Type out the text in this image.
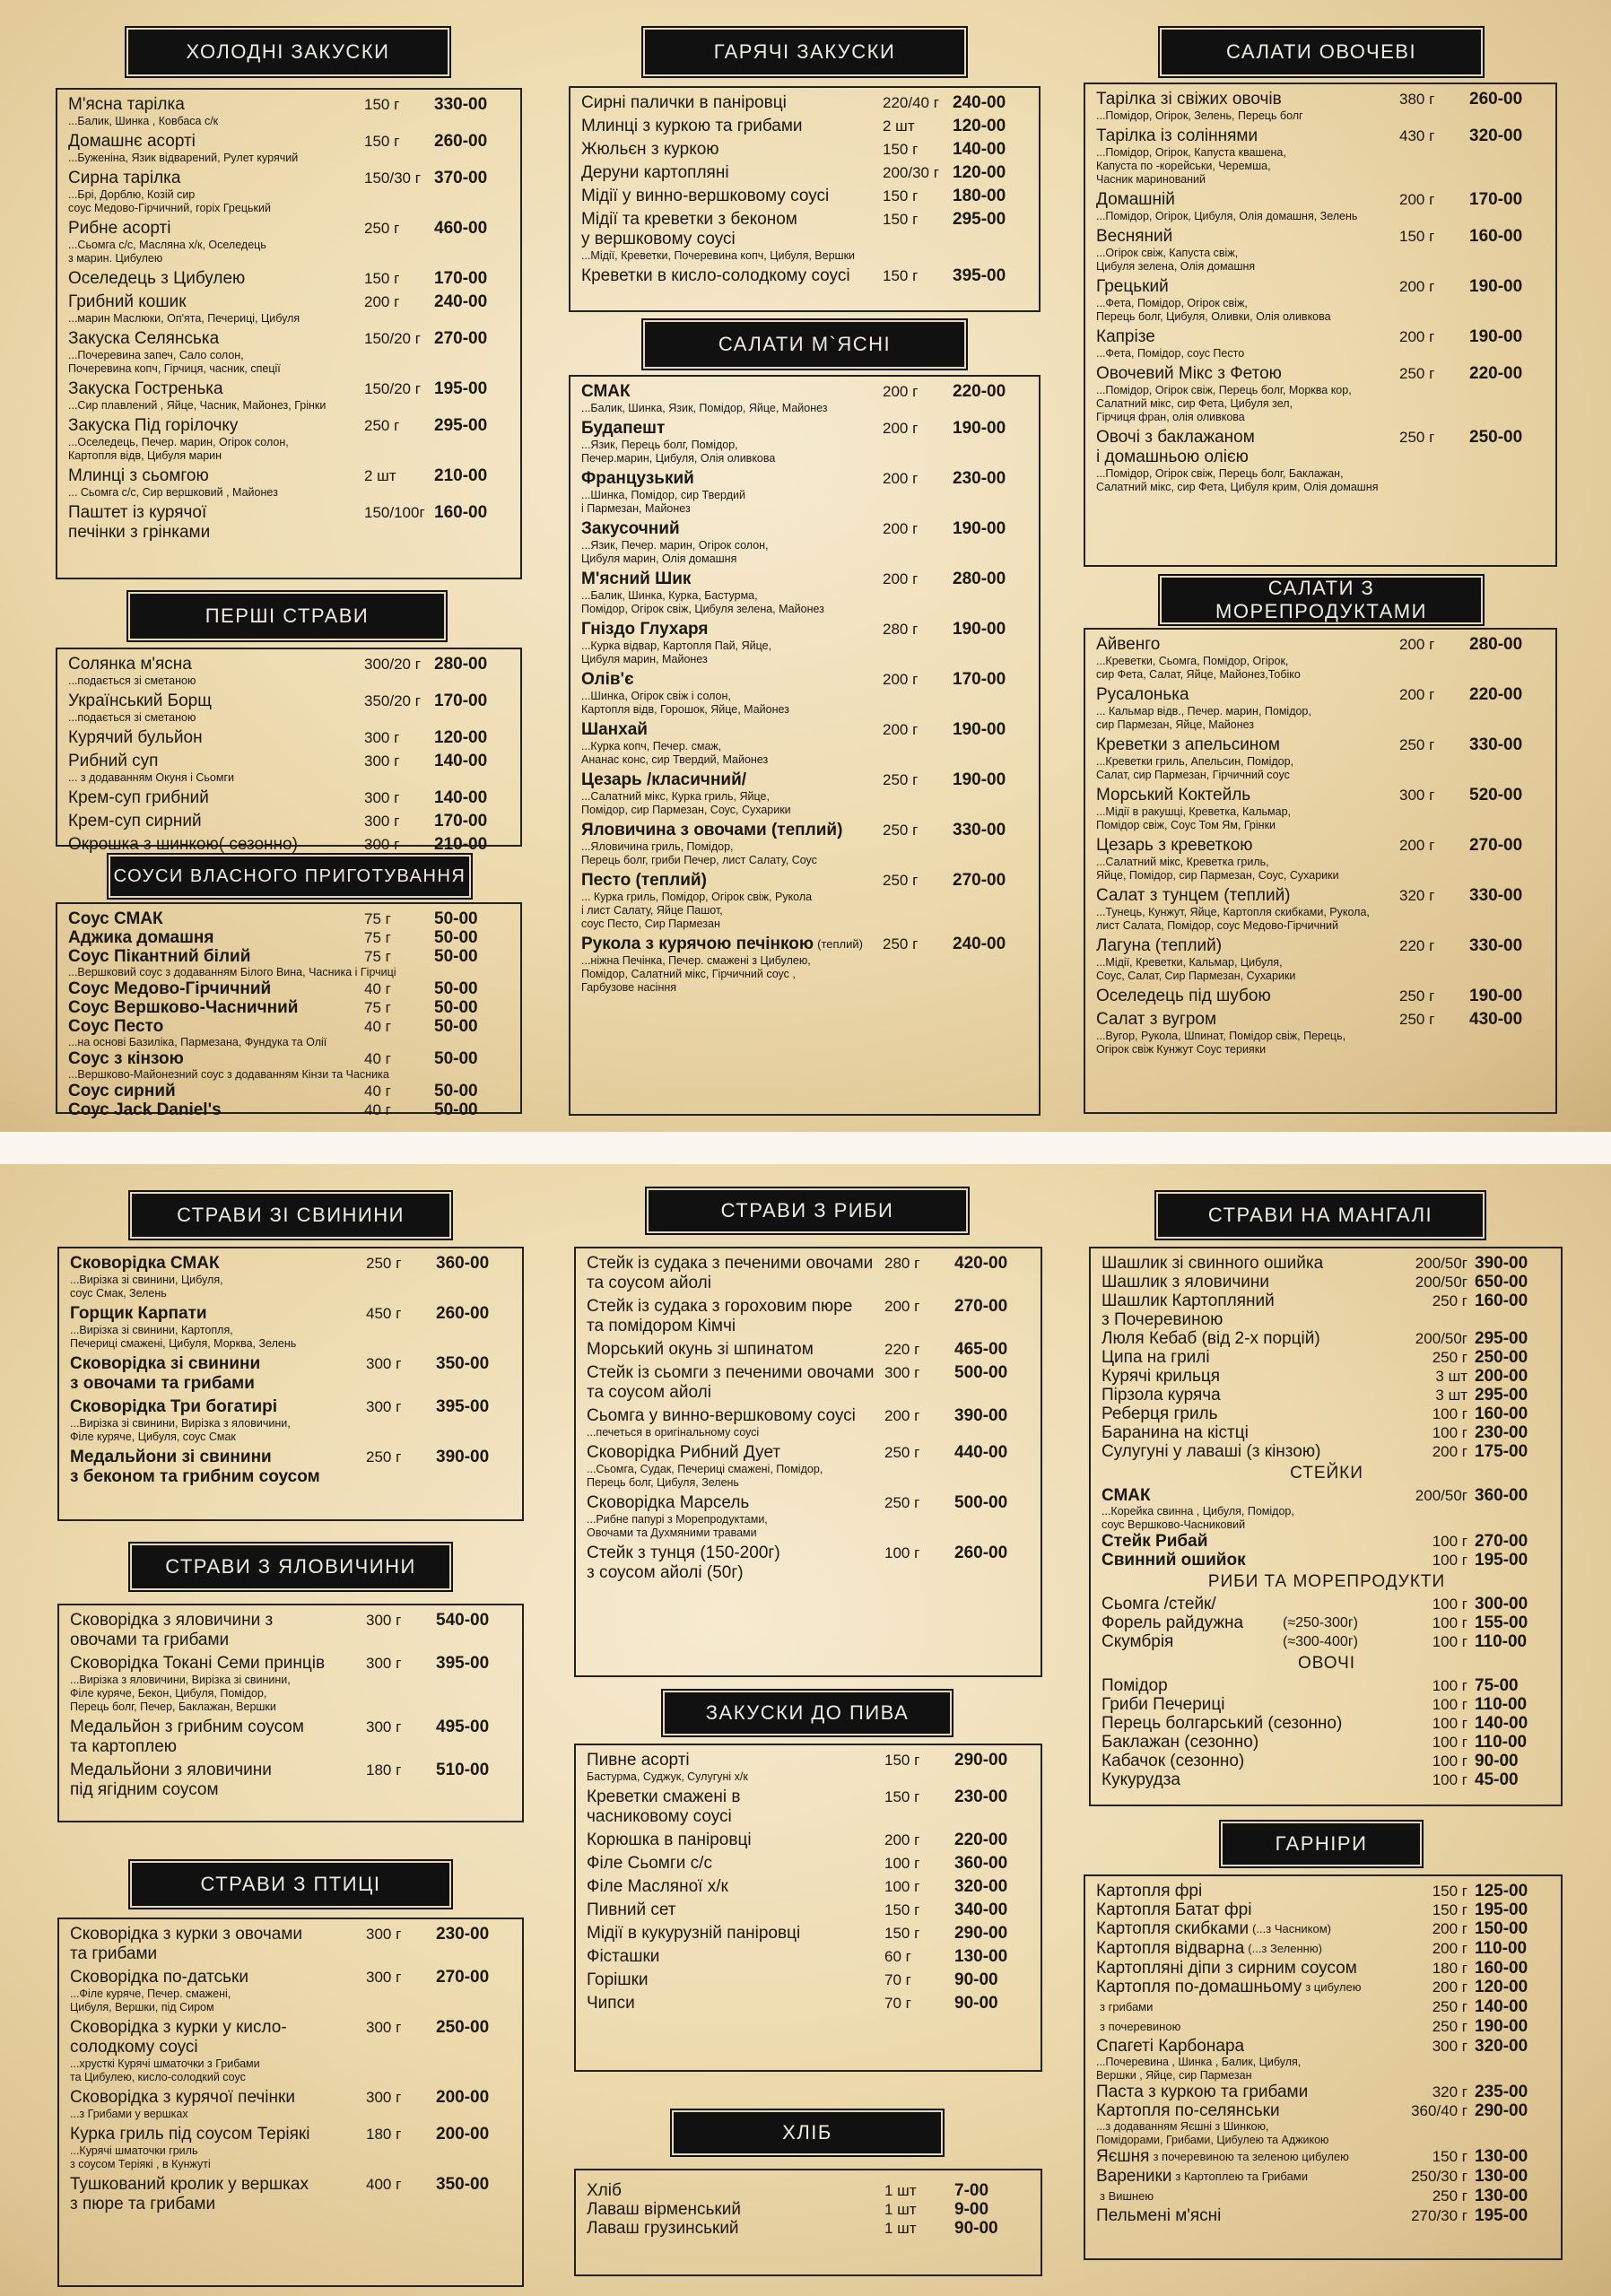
ХОЛОДНІ ЗАКУСКИ
М'ясна тарілка	150 г	330-00
...Балик, Шинка , Ковбаса с/к
Домашнє асорті	150 г	260-00
...Буженіна, Язик відварений, Рулет курячий
Сирна тарілка	150/30 г 370-00
...Брі, Дорблю, Козій сир
соус Медово-Гірчичний, горіх Грецький
Рибне асорті	250 г	460-00
...Сьомга с/с, Масляна х/к, Оселедець
з марин. Цибулею
Оселедець з Цибулею	150 г	170-00
Грибний кошик	200 г	240-00
...марин Маслюки, Оп'ята, Печериці, Цибуля
Закуска Селянська	150/20 г 270-00
...Почеревина запеч, Сало солон,
Почеревина копч, Гірчиця, часник, спеції
Закуска Гостренька	150/20 г 195-00
...Сир плавлений , Яйце, Часник, Майонез, Грінки
Закуска Під горілочку	250 г	295-00
...Оселедець, Печер. марин, Огірок солон,
Картопля відв, Цибуля марин
Млинці з сьомгою	2 шт	210-00
... Сьомга с/с, Сир вершковий , Майонез
Паштет із курячої
печінки з грінками
150/100г 160-00
ПЕРШІ СТРАВИ
Солянка м'ясна	300/20 г 280-00
...подається зі сметаною
Український Борщ	350/20 г 170-00
...подається зі сметаною
Курячий бульйон	300 г	120-00
Рибний суп	300 г	140-00
... з додаванням Окуня і Сьомги
Крем-суп грибний	300 г	140-00
Крем-суп сирний	300 г	170-00
Окрошка з шинкою( сезонно)	300 г	210-00
СОУСИ ВЛАСНОГО ПРИГОТУВАННЯ
Соус СМАК	75 г	50-00
Аджика домашня	75 г	50-00
Соус Пікантний білий	75 г	50-00
...Вершковий соус з додаванням Білого Вина, Часника і Гірчиці
Соус Медово-Гірчичний	40 г	50-00
Соус Вершково-Часничний	75 г	50-00
Соус Песто	40 г	50-00
...на основі Базиліка, Пармезана, Фундука та Олії
Соус з кінзою	40 г	50-00
...Вершково-Майонезний соус з додаванням Кінзи та Часника
Соус сирний	40 г	50-00
Соус Jack Daniel's	40 г	50-00
ГАРЯЧІ ЗАКУСКИ
Сирні палички в паніровці	220/40 г 240-00
Млинці з куркою та грибами	2 шт	120-00
Жюльєн з куркою	150 г	140-00
Деруни картопляні	200/30 г 120-00
Мідії у винно-вершковому соусі	150 г	180-00
Мідії та креветки з беконом
у вершковому соусі
150 г	295-00
...Мідії, Креветки, Почеревина копч, Цибуля, Вершки
Креветки в кисло-солодкому соусі	150 г	395-00
САЛАТИ М`ЯСНІ
СМАК	200 г	220-00
...Балик, Шинка, Язик, Помідор, Яйце, Майонез
Будапешт	200 г	190-00
...Язик, Перець болг, Помідор,
Печер.марин, Цибуля, Олія оливкова
Французький	200 г	230-00
...Шинка, Помідор, сир Твердий
і Пармезан, Майонез
Закусочний	200 г	190-00
...Язик, Печер. марин, Огірок солон,
Цибуля марин, Олія домашня
М'ясний Шик	200 г	280-00
...Балик, Шинка, Курка, Бастурма,
Помідор, Огірок свіж, Цибуля зелена, Майонез
Гніздо Глухаря	280 г	190-00
...Курка відвар, Картопля Пай, Яйце,
Цибуля марин, Майонез
Олів'є	200 г	170-00
...Шинка, Огірок свіж і солон,
Картопля відв, Горошок, Яйце, Майонез
Шанхай	200 г	190-00
...Курка копч, Печер. смаж,
Ананас конс, сир Твердий, Майонез
Цезарь /класичний/	250 г	190-00
...Салатний мікс, Курка гриль, Яйце,
Помідор, сир Пармезан, Соус, Сухарики
Яловичина з овочами (теплий)	250 г	330-00
...Яловичина гриль, Помідор,
Перець болг, гриби Печер, лист Салату, Соус
Песто (теплий)	250 г	270-00
... Курка гриль, Помідор, Огірок свіж, Рукола
і лист Салату, Яйце Пашот,
соус Песто, Сир Пармезан
Рукола з курячою печінкою (теплий)	250 г	240-00
...ніжна Печінка, Печер. смажені з Цибулею,
Помідор, Салатний мікс, Гірчичний соус ,
Гарбузове насіння
САЛАТИ ОВОЧЕВІ
Тарілка зі свіжих овочів	380 г	260-00
...Помідор, Огірок, Зелень, Перець болг
Тарілка із соліннями	430 г	320-00
...Помідор, Огірок, Капуста квашена,
Капуста по -корейськи, Черемша,
Часник маринований
Домашній	200 г	170-00
...Помідор, Огірок, Цибуля, Олія домашня, Зелень
Весняний	150 г	160-00
...Огірок свіж, Капуста свіж,
Цибуля зелена, Олія домашня
Грецький	200 г	190-00
...Фета, Помідор, Огірок свіж,
Перець болг, Цибуля, Оливки, Олія оливкова
Капрізе	200 г	190-00
...Фета, Помідор, соус Песто
Овочевий Мікс з Фетою	250 г	220-00
...Помідор, Огірок свіж, Перець болг, Морква кор,
Салатний мікс, сир Фета, Цибуля зел,
Гірчиця фран, олія оливкова
Овочі з баклажаном
і домашньою олією
250 г	250-00
...Помідор, Огірок свіж, Перець болг, Баклажан,
Салатний мікс, сир Фета, Цибуля крим, Олія домашня
САЛАТИ З МОРЕПРОДУКТАМИ
Айвенго	200 г	280-00
...Креветки, Сьомга, Помідор, Огірок,
сир Фета, Салат, Яйце, Майонез,Тобіко
Русалонька	200 г	220-00
... Кальмар відв., Печер. марин, Помідор,
сир Пармезан, Яйце, Майонез
Креветки з апельсином	250 г	330-00
...Креветки гриль, Апельсин, Помідор,
Салат, сир Пармезан, Гірчичний соус
Морський Коктейль	300 г	520-00
...Мідії в ракушці, Креветка, Кальмар,
Помідор свіж, Соус Том Ям, Грінки
Цезарь з креветкою	200 г	270-00
...Салатний мікс, Креветка гриль,
Яйце, Помідор, сир Пармезан, Соус, Сухарики
Салат з тунцем (теплий)	320 г	330-00
...Тунець, Кунжут, Яйце, Картопля скибками, Рукола,
лист Салата, Помідор, соус Медово-Гірчичний
Лагуна (теплий)	220 г	330-00
...Мідії, Креветки, Кальмар, Цибуля,
Соус, Салат, Сир Пармезан, Сухарики
Оселедець під шубою	250 г	190-00
Салат з вугром	250 г	430-00
...Вугор, Рукола, Шпинат, Помідор свіж, Перець,
Огірок свіж Кунжут Соус терияки
СТРАВИ ЗІ СВИНИНИ
Сковорідка СМАК	250 г	360-00
...Вирізка зі свинини, Цибуля,
соус Смак, Зелень
Горщик Карпати	450 г	260-00
...Вирізка зі свинини, Картопля,
Печериці смажені, Цибуля, Морква, Зелень
Сковорідка зі свинини
з овочами та грибами
300 г	350-00
Сковорідка Три богатирі	300 г	395-00
...Вирізка зі свинини, Вирізка з яловичини,
Філе куряче, Цибуля, соус Смак
Медальйони зі свинини
з беконом та грибним соусом
250 г	390-00
СТРАВИ З ЯЛОВИЧИНИ
Сковорідка з яловичини з
овочами та грибами
300 г	540-00
Сковорідка Токані Семи принців	300 г	395-00
...Вирізка з яловичини, Вирізка зі свинини,
Філе куряче, Бекон, Цибуля, Помідор,
Перець болг, Печер, Баклажан, Вершки
Медальйон з грибним соусом
та картоплею
300 г	495-00
Медальйони з яловичини
під ягідним соусом
180 г	510-00
СТРАВИ З ПТИЦІ
Сковорідка з курки з овочами
та грибами
300 г	230-00
Сковорідка по-датськи	300 г	270-00
...Філе куряче, Печер. смажені,
Цибуля, Вершки, під Сиром
Сковорідка з курки у кисло-
солодкому соусі
300 г	250-00
...хрусткі Курячі шматочки з Грибами
та Цибулею, кисло-солодкий соус
Сковорідка з курячої печінки	300 г	200-00
...з Грибами у вершках
Курка гриль під соусом Теріякі	180 г	200-00
...Курячі шматочки гриль
з соусом Теріякі , в Кунжуті
Тушкований кролик у вершках
з пюре та грибами
400 г	350-00
СТРАВИ З РИБИ
Стейк із судака з печеними овочами
та соусом айолі
280 г	420-00
Стейк із судака з гороховим пюре
та помідором Кімчі
200 г	270-00
Морський окунь зі шпинатом	220 г	465-00
Стейк із сьомги з печеними овочами
та соусом айолі
300 г	500-00
Сьомга у винно-вершковому соусі	200 г	390-00
...печеться в оригінальному соусі
Сковорідка Рибний Дует	250 г	440-00
...Сьомга, Судак, Печериці смажені, Помідор,
Перець болг, Цибуля, Зелень
Сковорідка Марсель	250 г	500-00
...Рибне папурі з Морепродуктами,
Овочами та Духмяними травами
Стейк з тунця (150-200г)
з соусом айолі (50г)
100 г	260-00
ЗАКУСКИ ДО ПИВА
Пивне асорті	150 г	290-00
Бастурма, Суджук, Сулугуні х/к
Креветки смажені в
часниковому соусі
150 г	230-00
Корюшка в паніровці	200 г	220-00
Філе Сьомги с/с	100 г	360-00
Філе Масляної х/к	100 г	320-00
Пивний сет	150 г	340-00
Мідії в кукурузній паніровці	150 г	290-00
Фісташки	60 г	130-00
Горішки	70 г	90-00
Чипси	70 г	90-00
ХЛІБ
Хліб	1 шт	7-00
Лаваш вірменський	1 шт	9-00
Лаваш грузинський	1 шт	90-00
СТРАВИ НА МАНГАЛІ
Шашлик зі свинного ошийка	200/50г 390-00
Шашлик з яловичини	200/50г 650-00
Шашлик Картопляний
з Почеревиною
250 г 160-00
Люля Кебаб (від 2-х порцій)	200/50г 295-00
Ципа на грилі	250 г 250-00
Курячі крильця	3 шт 200-00
Пірзола куряча	3 шт 295-00
Реберця гриль	100 г 160-00
Баранина на кістці	100 г 230-00
Сулугуні у лаваші (з кінзою)	200 г 175-00
СТЕЙКИ
СМАК	200/50г 360-00
...Корейка свинна , Цибуля, Помідор,
соус Вершково-Часниковий
Стейк Рибай	100 г 270-00
Свинний ошийок	100 г 195-00
РИБИ ТА МОРЕПРОДУКТИ
Сьомга /стейк/	100 г 300-00
Форель райдужна	(≈250-300г)	100 г 155-00
Скумбрія	(≈300-400г)	100 г 110-00
ОВОЧІ
Помідор	100 г 75-00
Гриби Печериці	100 г 110-00
Перець болгарський (сезонно)	100 г 140-00
Баклажан (сезонно)	100 г 110-00
Кабачок (сезонно)	100 г 90-00
Кукурудза	100 г 45-00
ГАРНІРИ
Картопля фрі	150 г 125-00
Картопля Батат фрі	150 г 195-00
Картопля скибками (...з Часником)	200 г 150-00
Картопля відварна (...з Зеленню)	200 г 110-00
Картопляні діпи з сирним соусом	180 г 160-00
Картопля по-домашньому з цибулею	200 г 120-00
з грибами	250 г 140-00
з почеревиною	250 г 190-00
Спагеті Карбонара	300 г 320-00
...Почеревина , Шинка , Балик, Цибуля,
Вершки , Яйце, сир Пармезан
Паста з куркою та грибами	320 г 235-00
Картопля по-селянськи	360/40 г 290-00
...з додаванням Яєшні з Шинкою,
Помідорами, Грибами, Цибулею та Аджикою
Яєшня з почеревиною та зеленою цибулею	150 г 130-00
Вареники з Картоплею та Грибами	250/30 г 130-00
з Вишнею	250 г 130-00
Пельмені м'ясні	270/30 г 195-00
